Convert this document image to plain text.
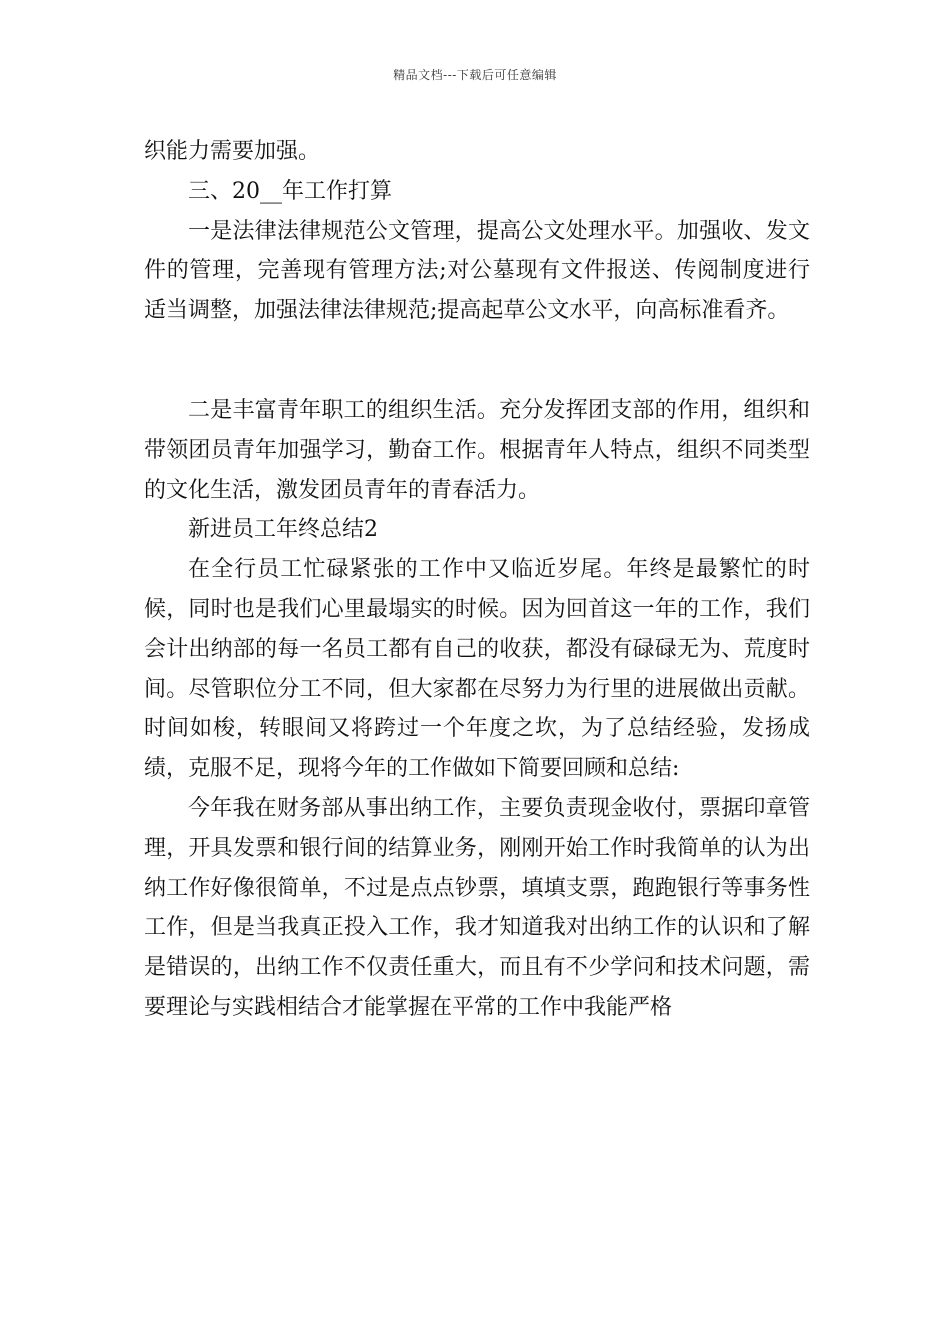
精品文档---下载后可任意编辑

织能力需要加强。

三、20__年工作打算

一是法律法律规范公文管理，提高公文处理水平。加强收、发文件的管理，完善现有管理方法;对公墓现有文件报送、传阅制度进行适当调整，加强法律法律规范;提高起草公文水平，向高标准看齐。

二是丰富青年职工的组织生活。充分发挥团支部的作用，组织和带领团员青年加强学习，勤奋工作。根据青年人特点，组织不同类型的文化生活，激发团员青年的青春活力。

新进员工年终总结2

在全行员工忙碌紧张的工作中又临近岁尾。年终是最繁忙的时候，同时也是我们心里最塌实的时候。因为回首这一年的工作，我们会计出纳部的每一名员工都有自己的收获，都没有碌碌无为、荒度时间。尽管职位分工不同，但大家都在尽努力为行里的进展做出贡献。时间如梭，转眼间又将跨过一个年度之坎，为了总结经验，发扬成绩，克服不足，现将今年的工作做如下简要回顾和总结:

今年我在财务部从事出纳工作，主要负责现金收付，票据印章管理，开具发票和银行间的结算业务，刚刚开始工作时我简单的认为出纳工作好像很简单，不过是点点钞票，填填支票，跑跑银行等事务性工作，但是当我真正投入工作，我才知道我对出纳工作的认识和了解是错误的，出纳工作不仅责任重大，而且有不少学问和技术问题，需要理论与实践相结合才能掌握在平常的工作中我能严格
